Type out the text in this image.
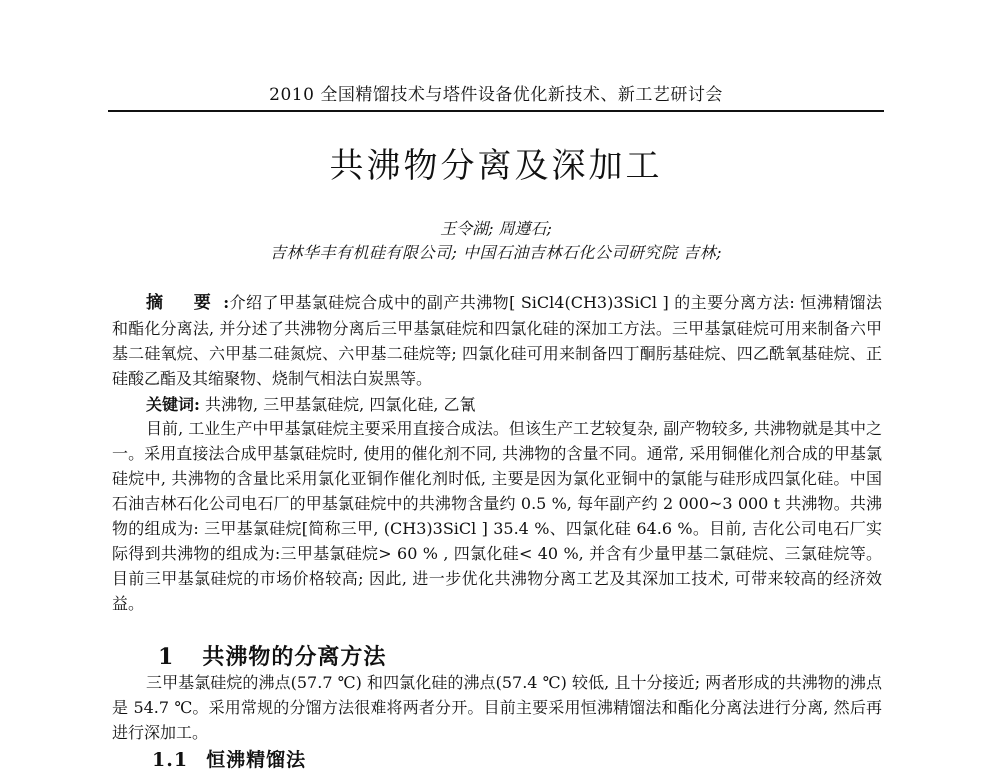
2010 全国精馏技术与塔件设备优化新技术、新工艺研讨会
共沸物分离及深加工
王令湖; 周遵石;
吉林华丰有机硅有限公司; 中国石油吉林石化公司研究院 吉林;

摘 要:介绍了甲基氯硅烷合成中的副产共沸物[ SiCl4(CH3)3SiCl ] 的主要分离方法: 恒沸精馏法和酯化分离法, 并分述了共沸物分离后三甲基氯硅烷和四氯化硅的深加工方法。三甲基氯硅烷可用来制备六甲基二硅氧烷、六甲基二硅氮烷、六甲基二硅烷等; 四氯化硅可用来制备四丁酮肟基硅烷、四乙酰氧基硅烷、正硅酸乙酯及其缩聚物、烧制气相法白炭黑等。

关键词: 共沸物, 三甲基氯硅烷, 四氯化硅, 乙氰

目前, 工业生产中甲基氯硅烷主要采用直接合成法。但该生产工艺较复杂, 副产物较多, 共沸物就是其中之一。采用直接法合成甲基氯硅烷时, 使用的催化剂不同, 共沸物的含量不同。通常, 采用铜催化剂合成的甲基氯硅烷中, 共沸物的含量比采用氯化亚铜作催化剂时低, 主要是因为氯化亚铜中的氯能与硅形成四氯化硅。中国石油吉林石化公司电石厂的甲基氯硅烷中的共沸物含量约 0.5 %, 每年副产约 2 000~3 000 t 共沸物。共沸物的组成为: 三甲基氯硅烷[简称三甲, (CH3)3SiCl ] 35.4 %、四氯化硅 64.6 %。目前, 吉化公司电石厂实际得到共沸物的组成为:三甲基氯硅烷> 60 % , 四氯化硅< 40 %, 并含有少量甲基二氯硅烷、三氯硅烷等。目前三甲基氯硅烷的市场价格较高; 因此, 进一步优化共沸物分离工艺及其深加工技术, 可带来较高的经济效益。

1 共沸物的分离方法

三甲基氯硅烷的沸点(57.7 ℃) 和四氯化硅的沸点(57.4 ℃) 较低, 且十分接近; 两者形成的共沸物的沸点是 54.7 ℃。采用常规的分馏方法很难将两者分开。目前主要采用恒沸精馏法和酯化分离法进行分离, 然后再进行深加工。

1.1 恒沸精馏法
